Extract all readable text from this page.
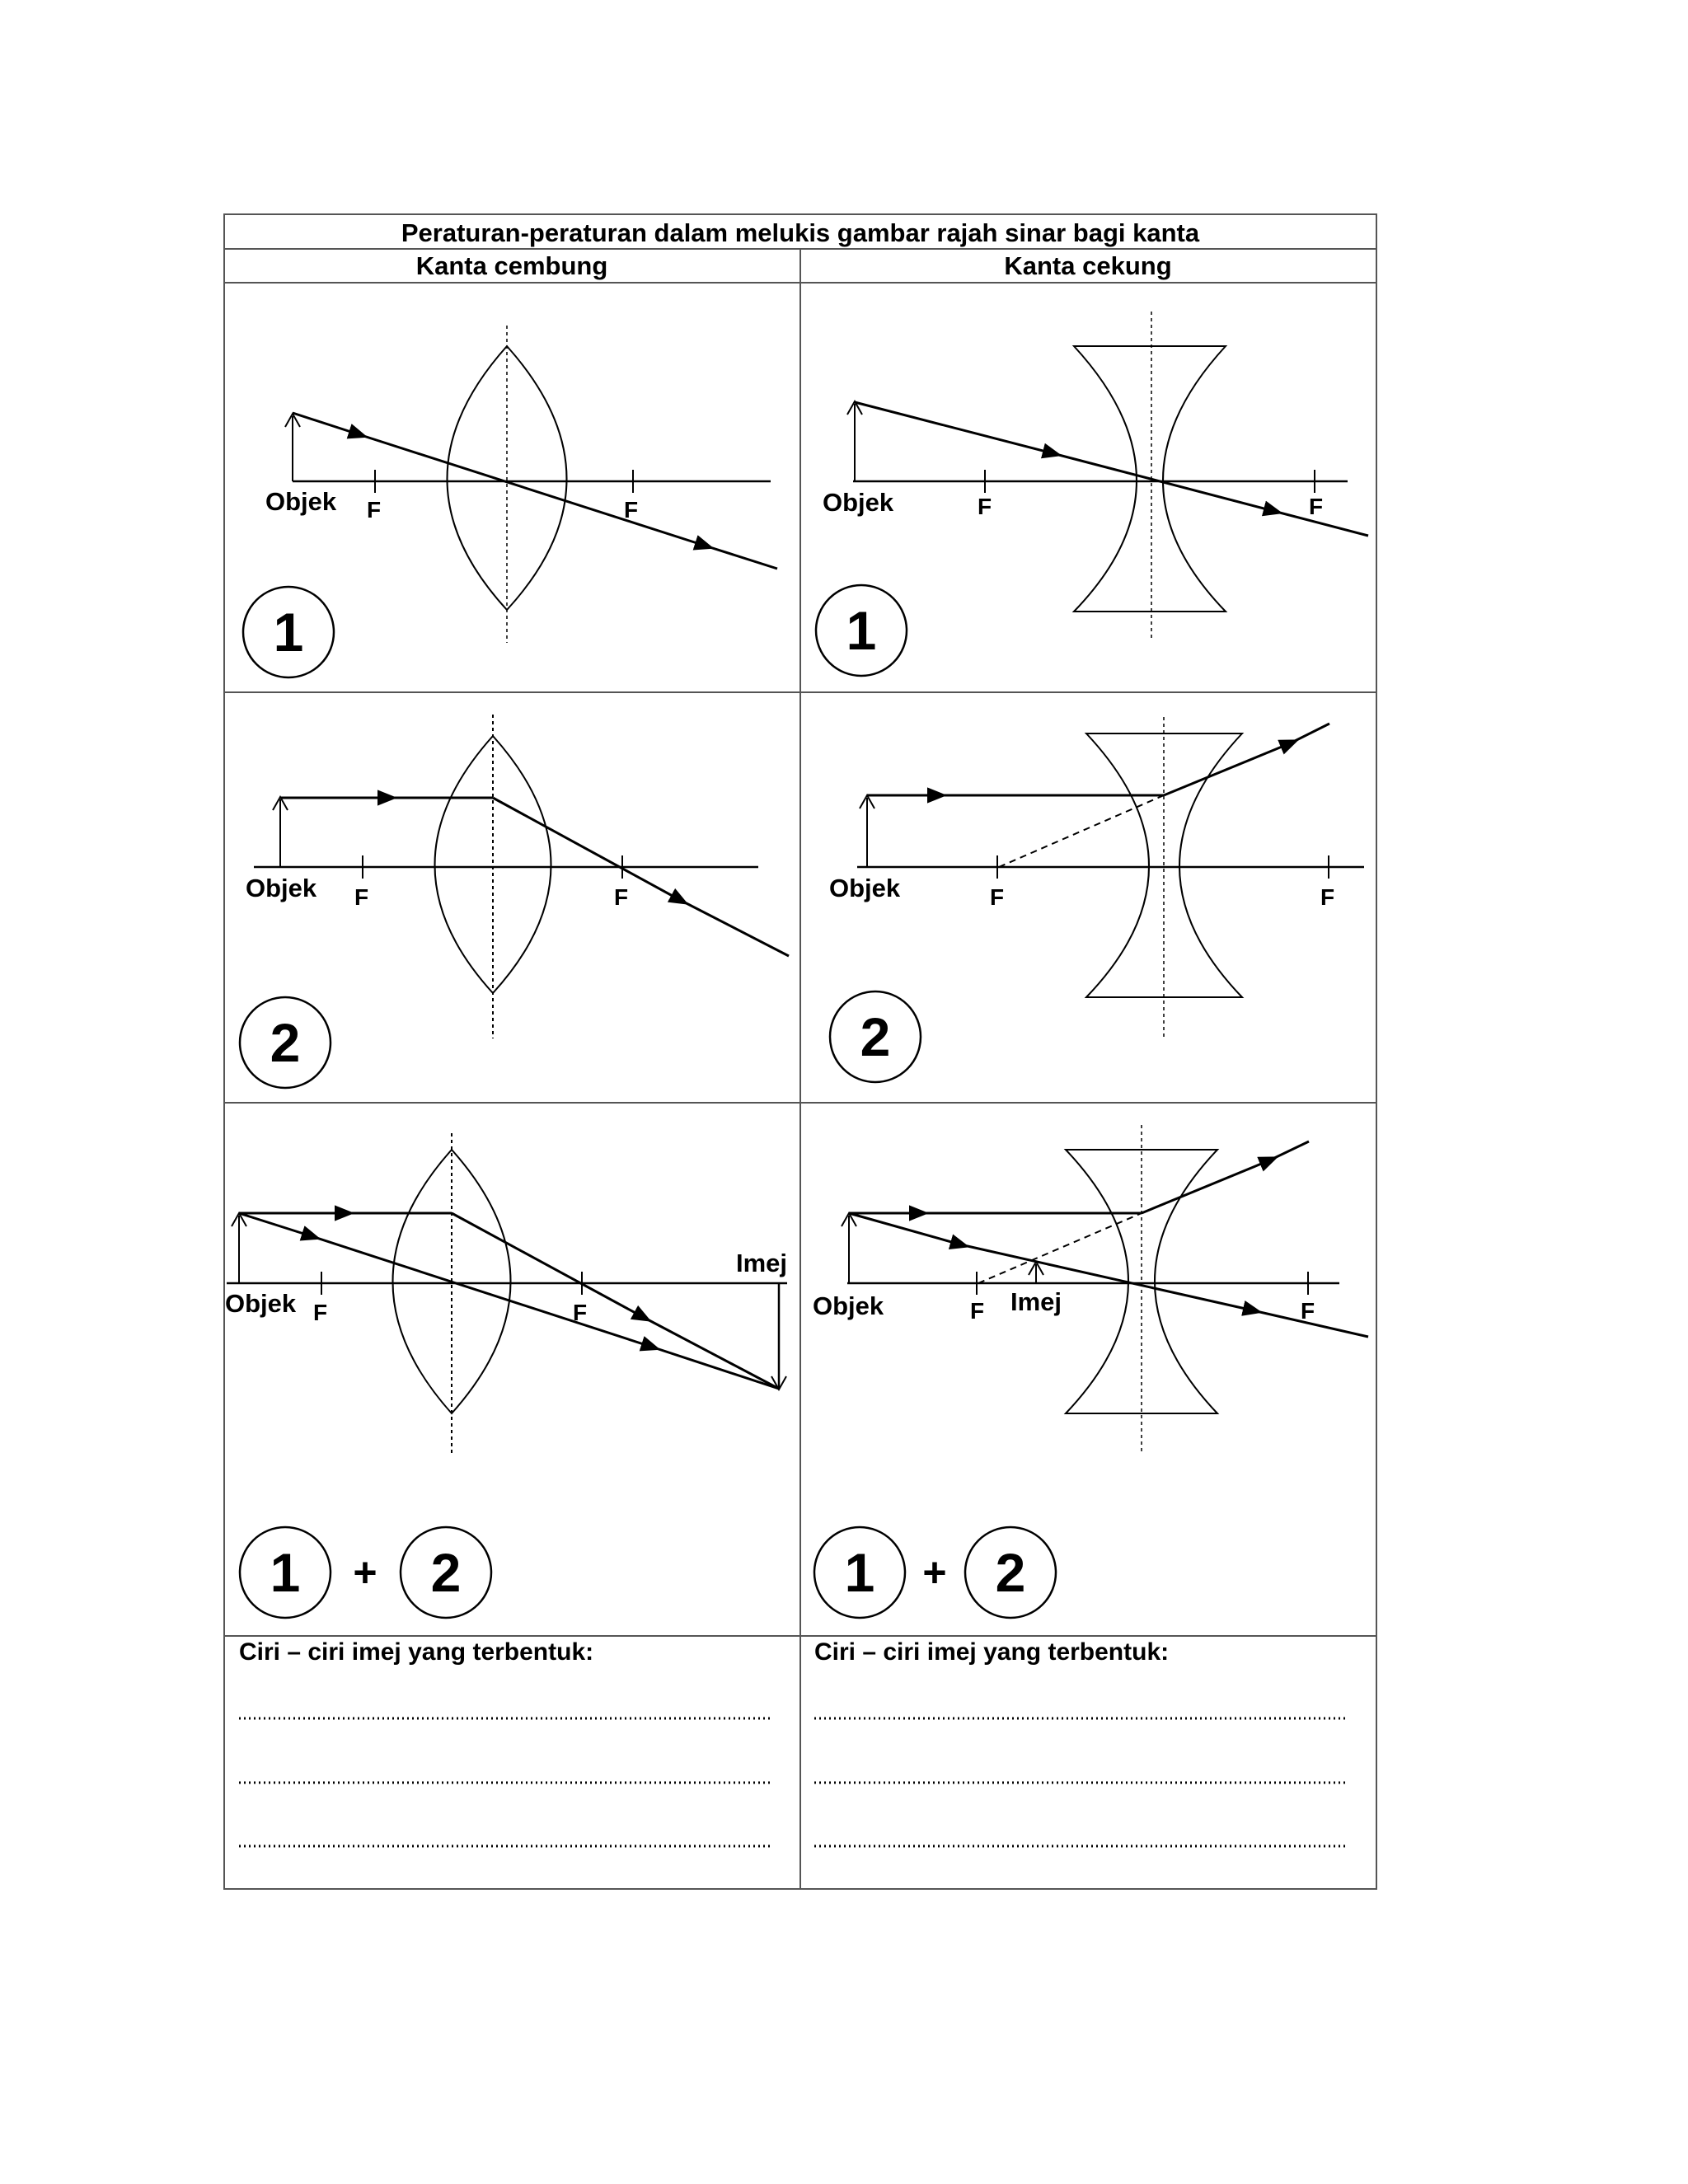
Peraturan-peraturan dalam melukis gambar rajah sinar bagi kanta
Kanta cembung	Kanta cekung
Objek F	F
1
Objek	F	F
1
Objek F	F
2
Objek	F	F
2
Objek F	F
Imej
1 + 2
Objek	F Imej	F
1 + 2
Ciri – ciri imej yang terbentuk:	Ciri – ciri imej yang terbentuk:
